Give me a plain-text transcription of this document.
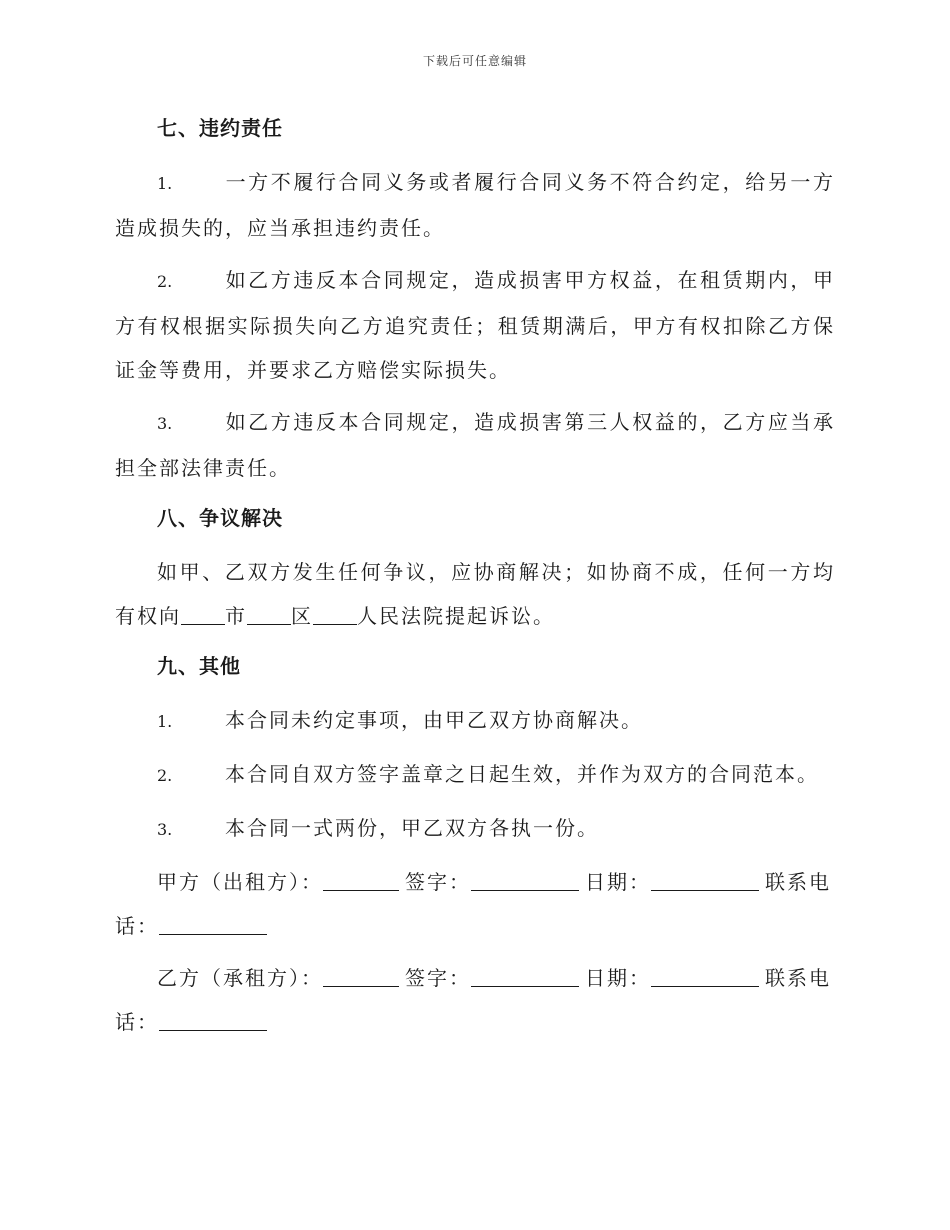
下载后可任意编辑
七、违约责任
1.	一方不履行合同义务或者履行合同义务不符合约定，给另一方造成损失的，应当承担违约责任。
2.	如乙方违反本合同规定，造成损害甲方权益，在租赁期内，甲方有权根据实际损失向乙方追究责任；租赁期满后，甲方有权扣除乙方保证金等费用，并要求乙方赔偿实际损失。
3.	如乙方违反本合同规定，造成损害第三人权益的，乙方应当承担全部法律责任。
八、争议解决
如甲、乙双方发生任何争议，应协商解决；如协商不成，任何一方均有权向 市 区 人民法院提起诉讼。
九、其他
1.	本合同未约定事项，由甲乙双方协商解决。
2.	本合同自双方签字盖章之日起生效，并作为双方的合同范本。
3.	本合同一式两份，甲乙双方各执一份。
甲方（出租方）：	签字：	日期：	联系电
话：
乙方（承租方）：	签字：	日期：	联系电
话：
